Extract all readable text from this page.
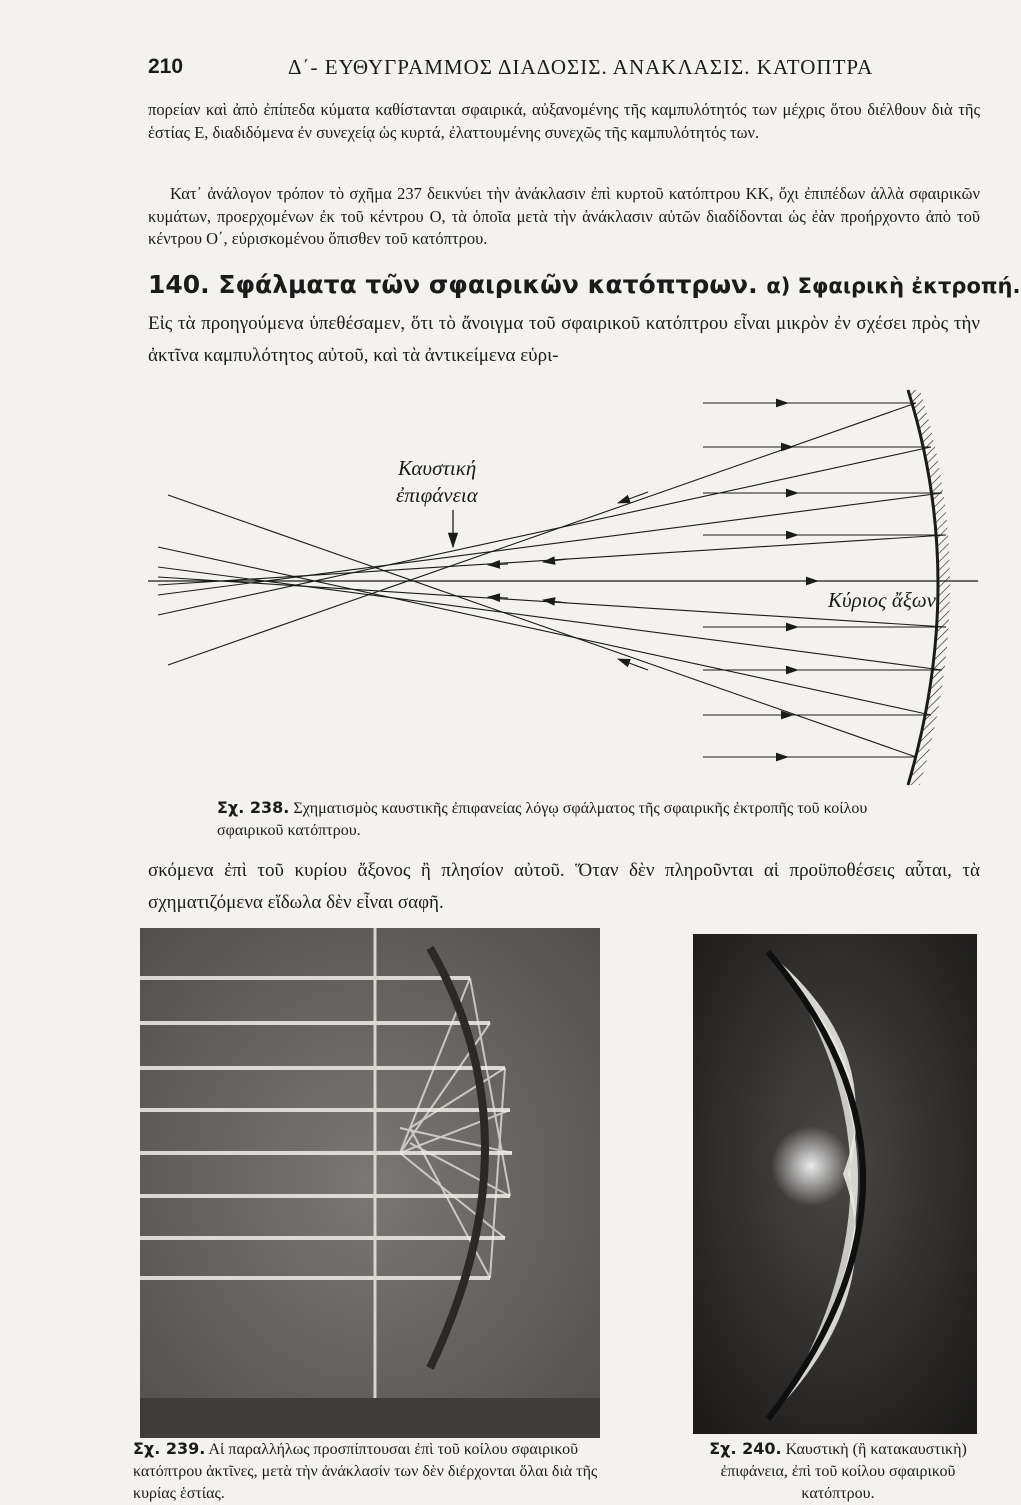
210	Δ΄- ΕΥΘΥΓΡΑΜΜΟΣ ΔΙΑΔΟΣΙΣ. ΑΝΑΚΛΑΣΙΣ. ΚΑΤΟΠΤΡΑ

πορείαν καὶ ἀπὸ ἐπίπεδα κύματα καθίστανται σφαιρικά, αὐξανομένης τῆς καμπυλότητός των μέχρις ὅτου διέλθουν διὰ τῆς ἑστίας Ε, διαδιδόμενα ἐν συνεχείᾳ ὡς κυρτά, ἐλαττουμένης συνεχῶς τῆς καμπυλότητός των.

Κατ᾽ ἀνάλογον τρόπον τὸ σχῆμα 237 δεικνύει τὴν ἀνάκλασιν ἐπὶ κυρτοῦ κατόπτρου ΚΚ, ὄχι ἐπιπέδων ἀλλὰ σφαιρικῶν κυμάτων, προερχομένων ἐκ τοῦ κέντρου Ο, τὰ ὁποῖα μετὰ τὴν ἀνάκλασιν αὐτῶν διαδίδονται ὡς ἐὰν προήρχοντο ἀπὸ τοῦ κέντρου Ο΄, εὑρισκομένου ὄπισθεν τοῦ κατόπτρου.

140. Σφάλματα τῶν σφαιρικῶν κατόπτρων. α) Σφαιρικὴ ἐκτροπή.

Εἰς τὰ προηγούμενα ὑπεθέσαμεν, ὅτι τὸ ἄνοιγμα τοῦ σφαιρικοῦ κατόπτρου εἶναι μικρὸν ἐν σχέσει πρὸς τὴν ἀκτῖνα καμπυλότητος αὐτοῦ, καὶ τὰ ἀντικείμενα εὑρι-

Καυστική
ἐπιφάνεια
Κύριος ἄξων
Σχ. 238. Σχηματισμὸς καυστικῆς ἐπιφανείας λόγῳ σφάλματος τῆς σφαιρικῆς ἐκτροπῆς τοῦ κοίλου σφαιρικοῦ κατόπτρου.

σκόμενα ἐπὶ τοῦ κυρίου ἄξονος ἢ πλησίον αὐτοῦ. Ὅταν δὲν πληροῦνται αἱ προϋποθέσεις αὗται, τὰ σχηματιζόμενα εἴδωλα δὲν εἶναι σαφῆ.

Σχ. 239. Αἱ παραλλήλως προσπίπτουσαι ἐπὶ τοῦ κοίλου σφαιρικοῦ κατόπτρου ἀκτῖνες, μετὰ τὴν ἀνάκλασίν των δὲν διέρχονται ὅλαι διὰ τῆς κυρίας ἑστίας.
Σχ. 240. Καυστικὴ (ἢ κατακαυστικὴ) ἐπιφάνεια, ἐπὶ τοῦ κοίλου σφαιρικοῦ κατόπτρου.
